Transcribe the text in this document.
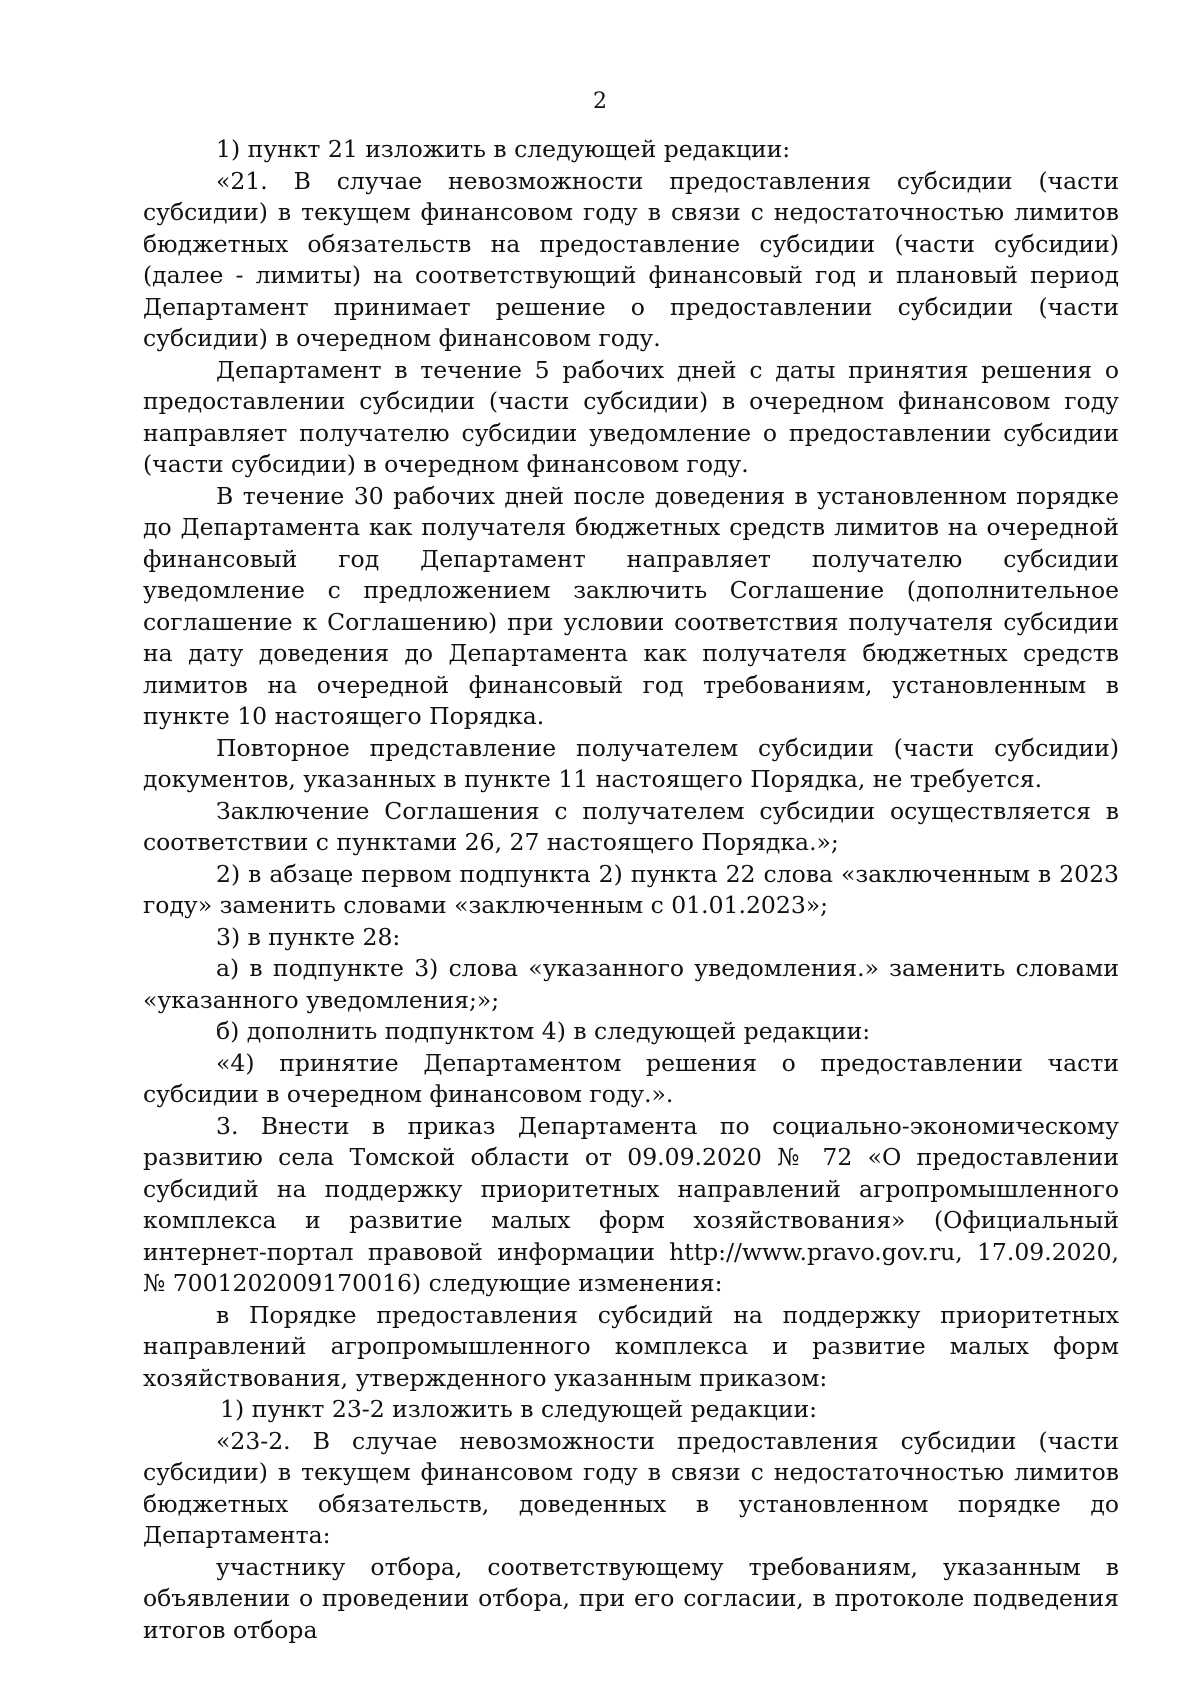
2

1) пункт 21 изложить в следующей редакции:

«21. В случае невозможности предоставления субсидии (части субсидии) в текущем финансовом году в связи с недостаточностью лимитов бюджетных обязательств на предоставление субсидии (части субсидии) (далее - лимиты) на соответствующий финансовый год и плановый период Департамент принимает решение о предоставлении субсидии (части субсидии) в очередном финансовом году.

Департамент в течение 5 рабочих дней с даты принятия решения о предоставлении субсидии (части субсидии) в очередном финансовом году направляет получателю субсидии уведомление о предоставлении субсидии (части субсидии) в очередном финансовом году.

В течение 30 рабочих дней после доведения в установленном порядке до Департамента как получателя бюджетных средств лимитов на очередной финансовый год Департамент направляет получателю субсидии уведомление с предложением заключить Соглашение (дополнительное соглашение к Соглашению) при условии соответствия получателя субсидии на дату доведения до Департамента как получателя бюджетных средств лимитов на очередной финансовый год требованиям, установленным в пункте 10 настоящего Порядка.

Повторное представление получателем субсидии (части субсидии) документов, указанных в пункте 11 настоящего Порядка, не требуется.

Заключение Соглашения с получателем субсидии осуществляется в соответствии с пунктами 26, 27 настоящего Порядка.»;

2) в абзаце первом подпункта 2) пункта 22 слова «заключенным в 2023 году» заменить словами «заключенным с 01.01.2023»;

3) в пункте 28:

а) в подпункте 3) слова «указанного уведомления.» заменить словами «указанного уведомления;»;

б) дополнить подпунктом 4) в следующей редакции:

«4) принятие Департаментом решения о предоставлении части субсидии в очередном финансовом году.».

3. Внести в приказ Департамента по социально-экономическому развитию села Томской области от 09.09.2020 № 72 «О предоставлении субсидий на поддержку приоритетных направлений агропромышленного комплекса и развитие малых форм хозяйствования» (Официальный интернет-портал правовой информации http://www.pravo.gov.ru, 17.09.2020, № 7001202009170016) следующие изменения:

в Порядке предоставления субсидий на поддержку приоритетных направлений агропромышленного комплекса и развитие малых форм хозяйствования, утвержденного указанным приказом:

1) пункт 23-2 изложить в следующей редакции:

«23-2. В случае невозможности предоставления субсидии (части субсидии) в текущем финансовом году в связи с недостаточностью лимитов бюджетных обязательств, доведенных в установленном порядке до Департамента:

участнику отбора, соответствующему требованиям, указанным в объявлении о проведении отбора, при его согласии, в протоколе подведения итогов отбора
